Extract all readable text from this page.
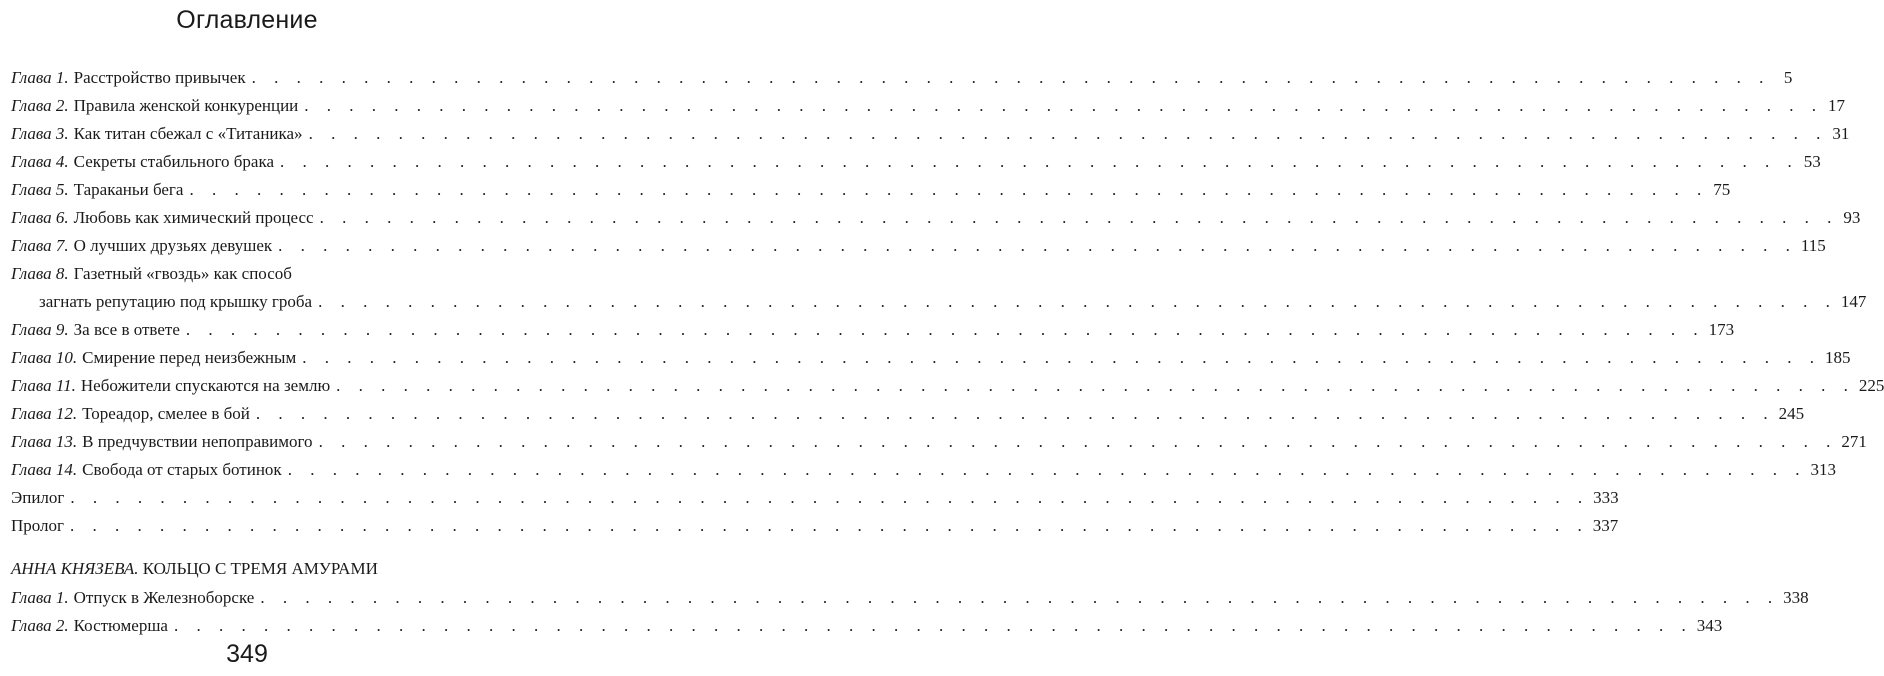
Оглавление
Глава 1. Расстройство привычек . . . . . . . . . . . . . . . . . . . . . . . . . . . . . . . . . . . . . . . . . . . . . . . . . . . . . . . . . . . . . . . . . . . . 5
Глава 2. Правила женской конкуренции . . . . . . . . . . . . . . . . . . . . . . . . . . . . . . . . . . . . . . . . . . . . . . . . . . . . . . . . . . . . . . . . . . . . 17
Глава 3. Как титан сбежал с «Титаника» . . . . . . . . . . . . . . . . . . . . . . . . . . . . . . . . . . . . . . . . . . . . . . . . . . . . . . . . . . . . . . . . . . . . 31
Глава 4. Секреты стабильного брака . . . . . . . . . . . . . . . . . . . . . . . . . . . . . . . . . . . . . . . . . . . . . . . . . . . . . . . . . . . . . . . . . . . . 53
Глава 5. Тараканьи бега . . . . . . . . . . . . . . . . . . . . . . . . . . . . . . . . . . . . . . . . . . . . . . . . . . . . . . . . . . . . . . . . . . . . 75
Глава 6. Любовь как химический процесс . . . . . . . . . . . . . . . . . . . . . . . . . . . . . . . . . . . . . . . . . . . . . . . . . . . . . . . . . . . . . . . . . . . . 93
Глава 7. О лучших друзьях девушек . . . . . . . . . . . . . . . . . . . . . . . . . . . . . . . . . . . . . . . . . . . . . . . . . . . . . . . . . . . . . . . . . . . . 115
Глава 8. Газетный «гвоздь» как способ
загнать репутацию под крышку гроба . . . . . . . . . . . . . . . . . . . . . . . . . . . . . . . . . . . . . . . . . . . . . . . . . . . . . . . . . . . . . . . . . . . . 147
Глава 9. За все в ответе . . . . . . . . . . . . . . . . . . . . . . . . . . . . . . . . . . . . . . . . . . . . . . . . . . . . . . . . . . . . . . . . . . . . 173
Глава 10. Смирение перед неизбежным . . . . . . . . . . . . . . . . . . . . . . . . . . . . . . . . . . . . . . . . . . . . . . . . . . . . . . . . . . . . . . . . . . . . 185
Глава 11. Небожители спускаются на землю . . . . . . . . . . . . . . . . . . . . . . . . . . . . . . . . . . . . . . . . . . . . . . . . . . . . . . . . . . . . . . . . . . . . 225
Глава 12. Тореадор, смелее в бой . . . . . . . . . . . . . . . . . . . . . . . . . . . . . . . . . . . . . . . . . . . . . . . . . . . . . . . . . . . . . . . . . . . . 245
Глава 13. В предчувствии непоправимого . . . . . . . . . . . . . . . . . . . . . . . . . . . . . . . . . . . . . . . . . . . . . . . . . . . . . . . . . . . . . . . . . . . . 271
Глава 14. Свобода от старых ботинок . . . . . . . . . . . . . . . . . . . . . . . . . . . . . . . . . . . . . . . . . . . . . . . . . . . . . . . . . . . . . . . . . . . . 313
Эпилог . . . . . . . . . . . . . . . . . . . . . . . . . . . . . . . . . . . . . . . . . . . . . . . . . . . . . . . . . . . . . . . . . . . . 333
Пролог . . . . . . . . . . . . . . . . . . . . . . . . . . . . . . . . . . . . . . . . . . . . . . . . . . . . . . . . . . . . . . . . . . . . 337
АННА КНЯЗЕВА. КОЛЬЦО С ТРЕМЯ АМУРАМИ
Глава 1. Отпуск в Железноборске . . . . . . . . . . . . . . . . . . . . . . . . . . . . . . . . . . . . . . . . . . . . . . . . . . . . . . . . . . . . . . . . . . . . 338
Глава 2. Костюмерша . . . . . . . . . . . . . . . . . . . . . . . . . . . . . . . . . . . . . . . . . . . . . . . . . . . . . . . . . . . . . . . . . . . . 343
349
